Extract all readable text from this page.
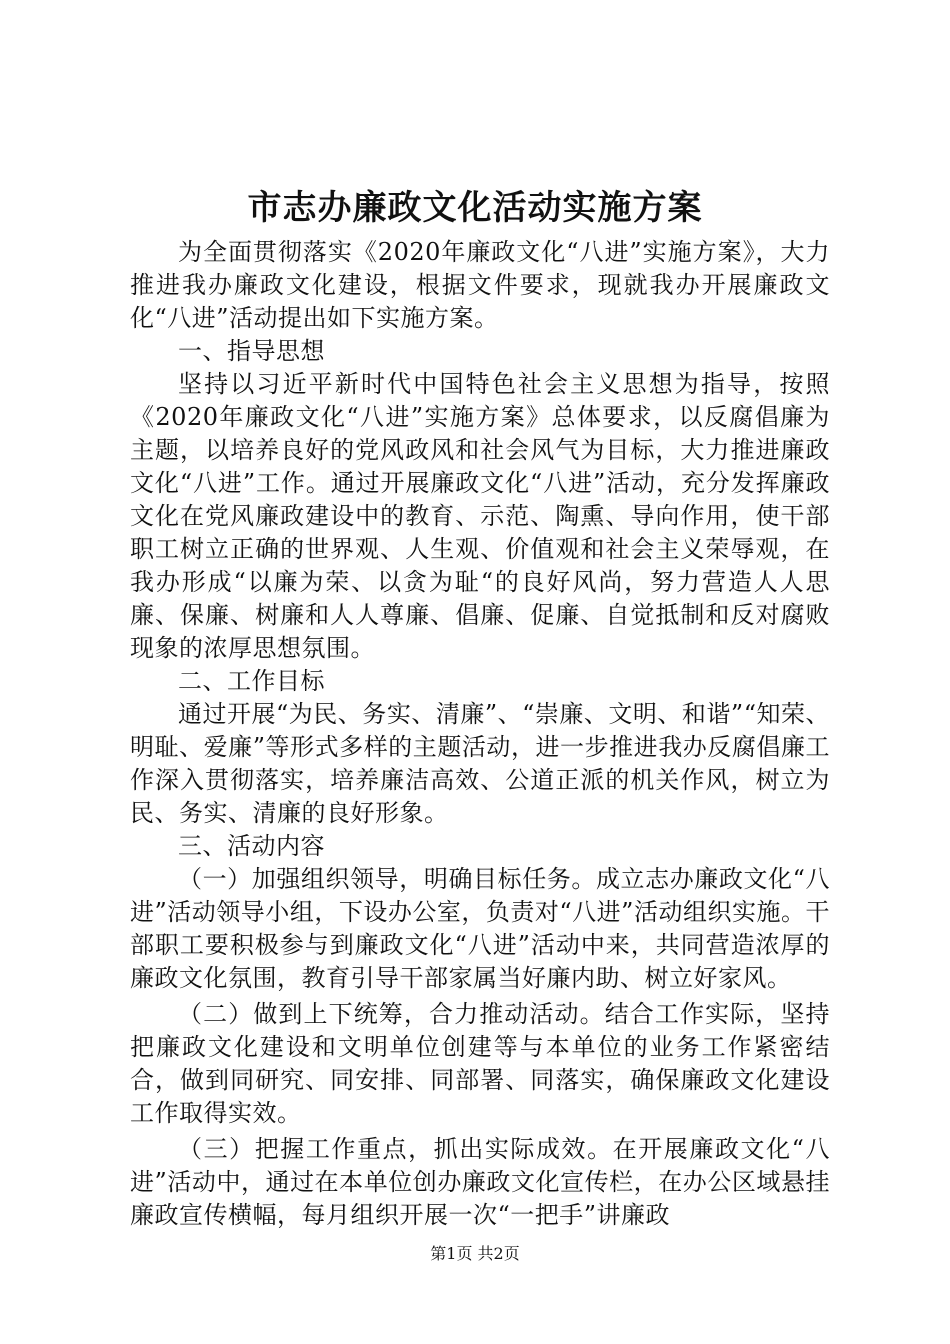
市志办廉政文化活动实施方案

为全面贯彻落实《2020年廉政文化“八进”实施方案》，大力推进我办廉政文化建设，根据文件要求，现就我办开展廉政文化“八进”活动提出如下实施方案。

一、指导思想

坚持以习近平新时代中国特色社会主义思想为指导，按照《2020年廉政文化“八进”实施方案》总体要求，以反腐倡廉为主题，以培养良好的党风政风和社会风气为目标，大力推进廉政文化“八进”工作。通过开展廉政文化“八进”活动，充分发挥廉政文化在党风廉政建设中的教育、示范、陶熏、导向作用，使干部职工树立正确的世界观、人生观、价值观和社会主义荣辱观，在我办形成“以廉为荣、以贪为耻“的良好风尚，努力营造人人思廉、保廉、树廉和人人尊廉、倡廉、促廉、自觉抵制和反对腐败现象的浓厚思想氛围。

二、工作目标

通过开展“为民、务实、清廉”、“崇廉、文明、和谐”“知荣、明耻、爱廉”等形式多样的主题活动，进一步推进我办反腐倡廉工作深入贯彻落实，培养廉洁高效、公道正派的机关作风，树立为民、务实、清廉的良好形象。

三、活动内容

（一）加强组织领导，明确目标任务。成立志办廉政文化“八进”活动领导小组，下设办公室，负责对“八进”活动组织实施。干部职工要积极参与到廉政文化“八进”活动中来，共同营造浓厚的廉政文化氛围，教育引导干部家属当好廉内助、树立好家风。

（二）做到上下统筹，合力推动活动。结合工作实际，坚持把廉政文化建设和文明单位创建等与本单位的业务工作紧密结合，做到同研究、同安排、同部署、同落实，确保廉政文化建设工作取得实效。

（三）把握工作重点，抓出实际成效。在开展廉政文化“八进”活动中，通过在本单位创办廉政文化宣传栏，在办公区域悬挂廉政宣传横幅，每月组织开展一次“一把手”讲廉政

第1页 共2页
